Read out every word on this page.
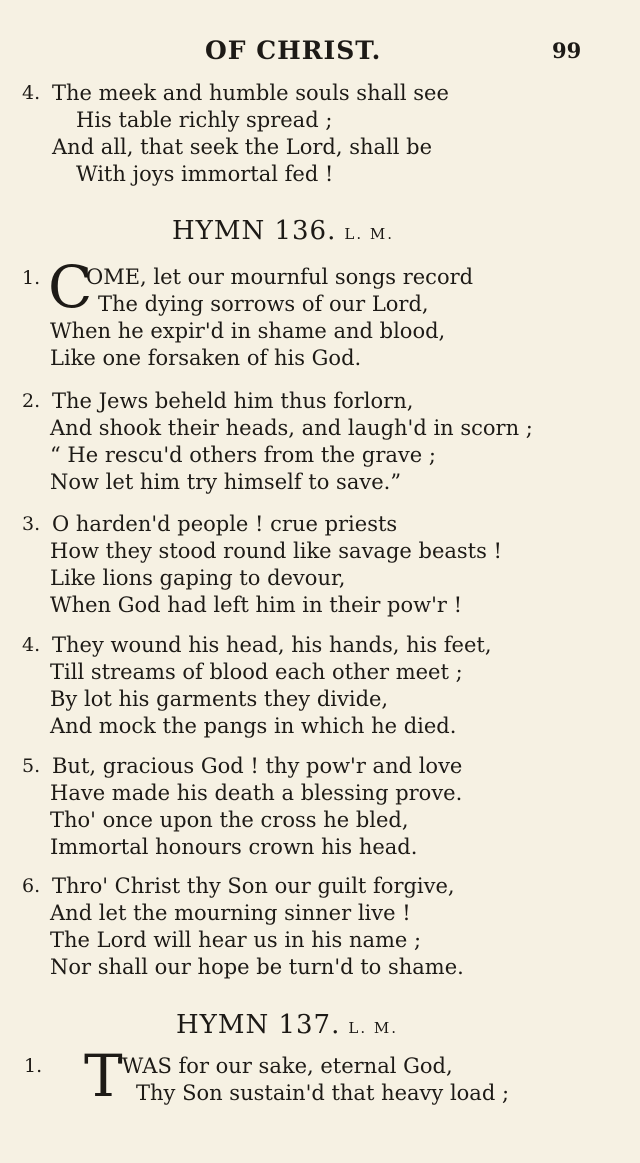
OF CHRIST.	99
4. The meek and humble souls shall see
His table richly spread ;
And all, that seek the Lord, shall be
With joys immortal fed !
HYMN 136. L. M.
1. C
OME, let our mournful songs record
The dying sorrows of our Lord,
When he expir'd in shame and blood,
Like one forsaken of his God.
2. The Jews beheld him thus forlorn,
And shook their heads, and laugh'd in scorn ;
“ He rescu'd others from the grave ;
Now let him try himself to save.”
3. O harden'd people ! crue priests
How they stood round like savage beasts !
Like lions gaping to devour,
When God had left him in their pow'r !
4. They wound his head, his hands, his feet,
Till streams of blood each other meet ;
By lot his garments they divide,
And mock the pangs in which he died.
5. But, gracious God ! thy pow'r and love
Have made his death a blessing prove.
Tho' once upon the cross he bled,
Immortal honours crown his head.
6. Thro' Christ thy Son our guilt forgive,
And let the mourning sinner live !
The Lord will hear us in his name ;
Nor shall our hope be turn'd to shame.
HYMN 137. L. M.
1. T
'WAS for our sake, eternal God,
Thy Son sustain'd that heavy load ;
